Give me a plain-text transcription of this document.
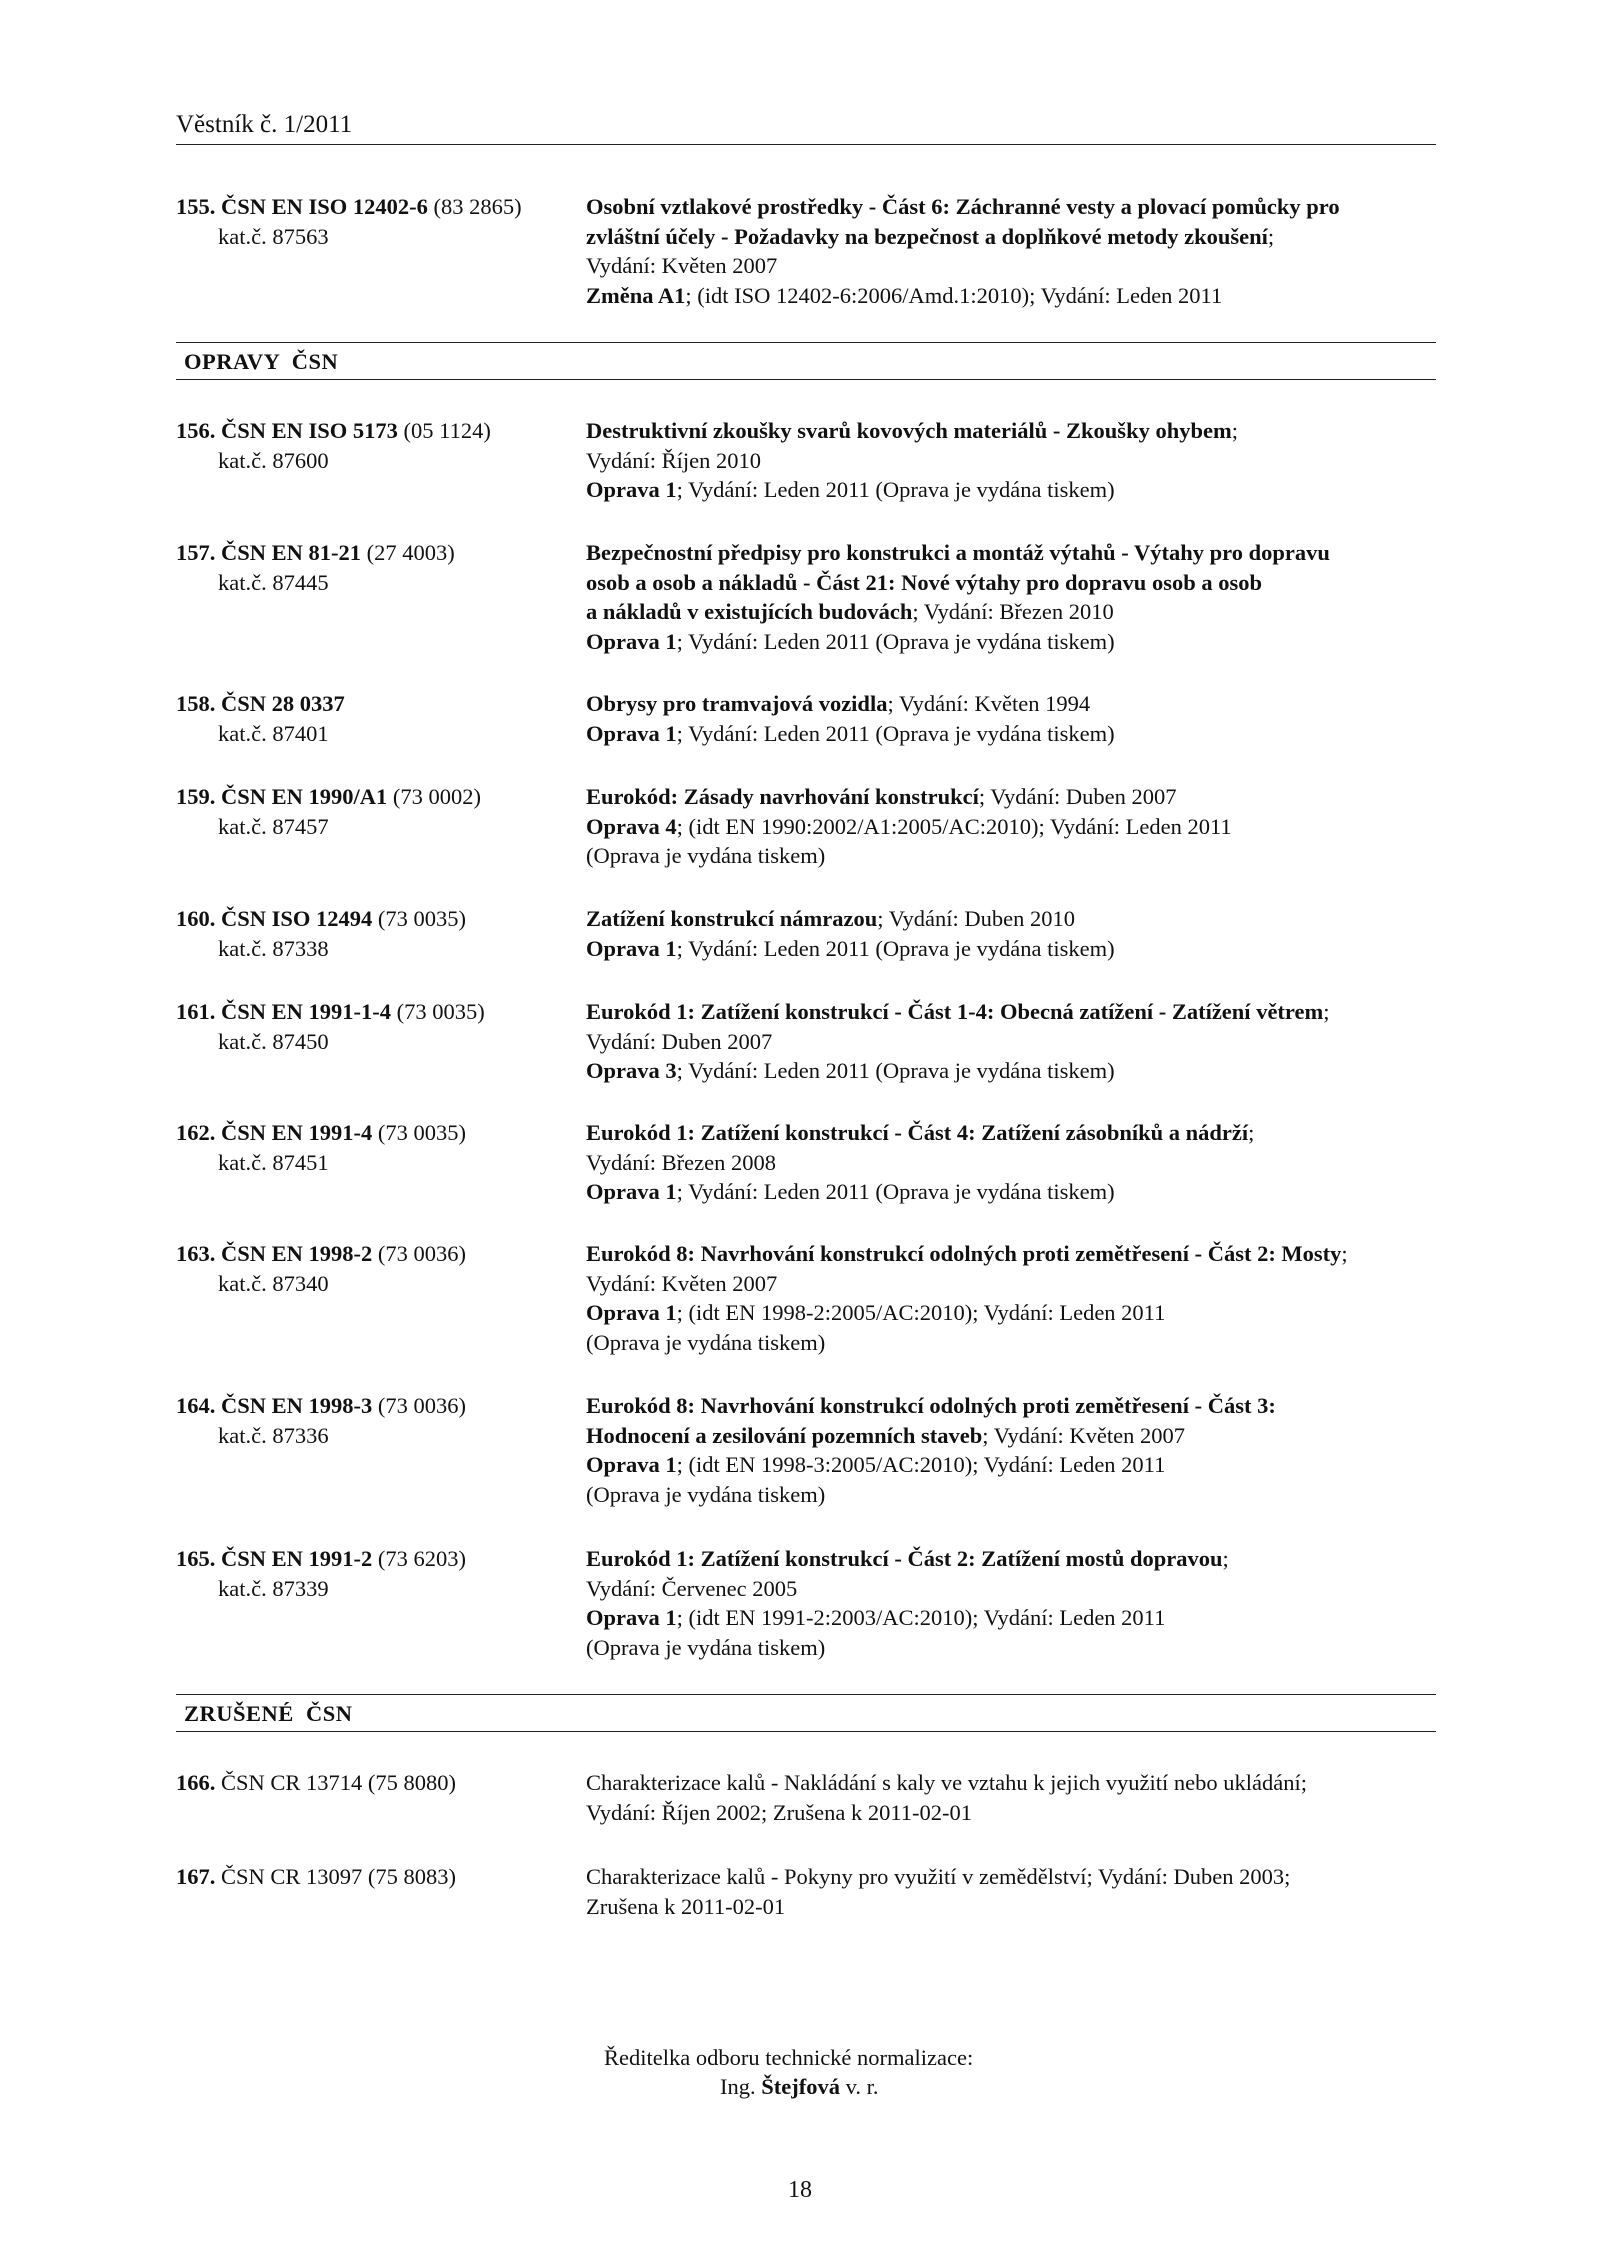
Věstník č. 1/2011
155. ČSN EN ISO 12402-6 (83 2865)
kat.č. 87563
Osobní vztlakové prostředky - Část 6: Záchranné vesty a plovací pomůcky pro
zvláštní účely - Požadavky na bezpečnost a doplňkové metody zkoušení;
Vydání: Květen 2007
Změna A1; (idt ISO 12402-6:2006/Amd.1:2010); Vydání: Leden 2011
156. ČSN EN ISO 5173 (05 1124)
kat.č. 87600
Destruktivní zkoušky svarů kovových materiálů - Zkoušky ohybem;
Vydání: Říjen 2010
Oprava 1; Vydání: Leden 2011 (Oprava je vydána tiskem)
157. ČSN EN 81-21 (27 4003)
kat.č. 87445
Bezpečnostní předpisy pro konstrukci a montáž výtahů - Výtahy pro dopravu
osob a osob a nákladů - Část 21: Nové výtahy pro dopravu osob a osob
a nákladů v existujících budovách; Vydání: Březen 2010
Oprava 1; Vydání: Leden 2011 (Oprava je vydána tiskem)
158. ČSN 28 0337
kat.č. 87401
Obrysy pro tramvajová vozidla; Vydání: Květen 1994
Oprava 1; Vydání: Leden 2011 (Oprava je vydána tiskem)
159. ČSN EN 1990/A1 (73 0002)
kat.č. 87457
Eurokód: Zásady navrhování konstrukcí; Vydání: Duben 2007
Oprava 4; (idt EN 1990:2002/A1:2005/AC:2010); Vydání: Leden 2011
(Oprava je vydána tiskem)
160. ČSN ISO 12494 (73 0035)
kat.č. 87338
Zatížení konstrukcí námrazou; Vydání: Duben 2010
Oprava 1; Vydání: Leden 2011 (Oprava je vydána tiskem)
161. ČSN EN 1991-1-4 (73 0035)
kat.č. 87450
Eurokód 1: Zatížení konstrukcí - Část 1-4: Obecná zatížení - Zatížení větrem;
Vydání: Duben 2007
Oprava 3; Vydání: Leden 2011 (Oprava je vydána tiskem)
162. ČSN EN 1991-4 (73 0035)
kat.č. 87451
Eurokód 1: Zatížení konstrukcí - Část 4: Zatížení zásobníků a nádrží;
Vydání: Březen 2008
Oprava 1; Vydání: Leden 2011 (Oprava je vydána tiskem)
163. ČSN EN 1998-2 (73 0036)
kat.č. 87340
Eurokód 8: Navrhování konstrukcí odolných proti zemětřesení - Část 2: Mosty;
Vydání: Květen 2007
Oprava 1; (idt EN 1998-2:2005/AC:2010); Vydání: Leden 2011
(Oprava je vydána tiskem)
164. ČSN EN 1998-3 (73 0036)
kat.č. 87336
Eurokód 8: Navrhování konstrukcí odolných proti zemětřesení - Část 3:
Hodnocení a zesilování pozemních staveb; Vydání: Květen 2007
Oprava 1; (idt EN 1998-3:2005/AC:2010); Vydání: Leden 2011
(Oprava je vydána tiskem)
165. ČSN EN 1991-2 (73 6203)
kat.č. 87339
Eurokód 1: Zatížení konstrukcí - Část 2: Zatížení mostů dopravou;
Vydání: Červenec 2005
Oprava 1; (idt EN 1991-2:2003/AC:2010); Vydání: Leden 2011
(Oprava je vydána tiskem)
166. ČSN CR 13714 (75 8080)	Charakterizace kalů - Nakládání s kaly ve vztahu k jejich využití nebo ukládání;
Vydání: Říjen 2002; Zrušena k 2011-02-01
167. ČSN CR 13097 (75 8083)	Charakterizace kalů - Pokyny pro využití v zemědělství; Vydání: Duben 2003;
Zrušena k 2011-02-01
OPRAVY  ČSN
ZRUŠENÉ  ČSN
Ředitelka odboru technické normalizace:
Ing. Štejfová v. r.
18
